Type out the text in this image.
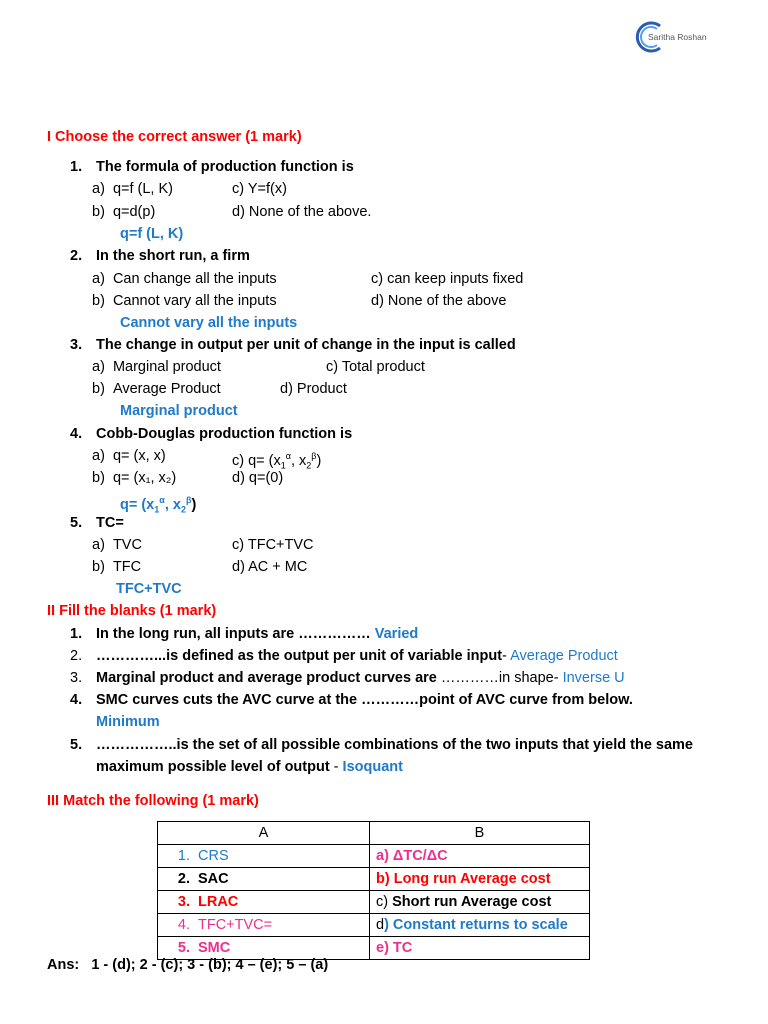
Saritha Roshan
I Choose the correct answer (1 mark)
1. The formula of production function is
a)  q=f (L, K)	c) Y=f(x)
b)  q=d(p)	d) None of the above.
q=f (L, K)
2. In the short run, a firm
a)  Can change all the inputs	c) can keep inputs fixed
b)  Cannot vary all the inputs	d) None of the above
Cannot vary all the inputs
3. The change in output per unit of change in the input is called
a)  Marginal product	c) Total product
b)  Average Product	d) Product
Marginal product
4. Cobb-Douglas production function is
a)  q= (x, x)	c) $q= (x_1^\alpha$, $x_2^\beta$)
b)  q= (x₁, x₂)	d) q=(0)
$q= (x_1^\alpha$, $x_2^\beta$)
5. TC=
a)  TVC	c) TFC+TVC
b)  TFC	d) AC + MC
TFC+TVC
II Fill the blanks (1 mark)
1. In the long run, all inputs are …………… Varied
2. …………...is defined as the output per unit of variable input- Average Product
3. Marginal product and average product curves are …………in shape- Inverse U
4. SMC curves cuts the AVC curve at the …………point of AVC curve from below.
Minimum
5. ……………..is the set of all possible combinations of the two inputs that yield the same
maximum possible level of output - Isoquant
III Match the following (1 mark)
A	B
1. CRS	a) ΔTC/ΔC
2. SAC	b) Long run Average cost
3. LRAC	c) Short run Average cost
4. TFC+TVC=	d) Constant returns to scale
5. SMC	e) TC
Ans: 1 - (d); 2 - (c); 3 - (b); 4 – (e); 5 – (a)
